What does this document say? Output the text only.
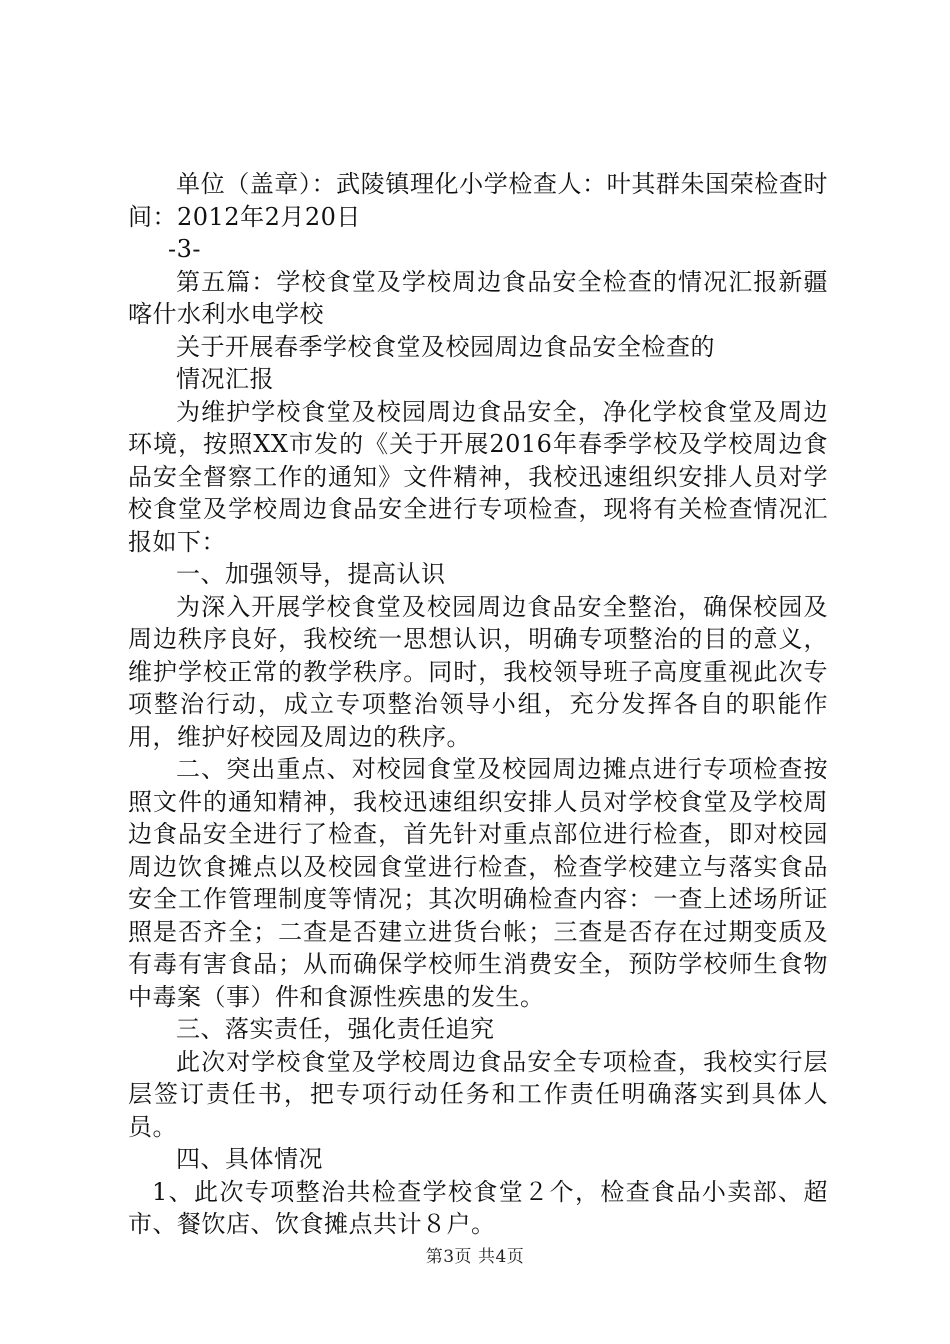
单位（盖章）：武陵镇理化小学检查人：叶其群朱国荣检查时间：2012年2月20日

-3-

第五篇：学校食堂及学校周边食品安全检查的情况汇报新疆喀什水利水电学校

关于开展春季学校食堂及校园周边食品安全检查的

情况汇报

为维护学校食堂及校园周边食品安全，净化学校食堂及周边环境，按照XX市发的《关于开展2016年春季学校及学校周边食品安全督察工作的通知》文件精神，我校迅速组织安排人员对学校食堂及学校周边食品安全进行专项检查，现将有关检查情况汇报如下：

一、加强领导，提高认识

为深入开展学校食堂及校园周边食品安全整治，确保校园及周边秩序良好，我校统一思想认识，明确专项整治的目的意义，维护学校正常的教学秩序。同时，我校领导班子高度重视此次专项整治行动，成立专项整治领导小组，充分发挥各自的职能作用，维护好校园及周边的秩序。

二、突出重点、对校园食堂及校园周边摊点进行专项检查按照文件的通知精神，我校迅速组织安排人员对学校食堂及学校周边食品安全进行了检查，首先针对重点部位进行检查，即对校园周边饮食摊点以及校园食堂进行检查，检查学校建立与落实食品安全工作管理制度等情况；其次明确检查内容：一查上述场所证照是否齐全；二查是否建立进货台帐；三查是否存在过期变质及有毒有害食品；从而确保学校师生消费安全，预防学校师生食物中毒案（事）件和食源性疾患的发生。

三、落实责任，强化责任追究

此次对学校食堂及学校周边食品安全专项检查，我校实行层层签订责任书，把专项行动任务和工作责任明确落实到具体人员。

四、具体情况

1、此次专项整治共检查学校食堂２个，检查食品小卖部、超市、餐饮店、饮食摊点共计８户。

第3页 共4页
